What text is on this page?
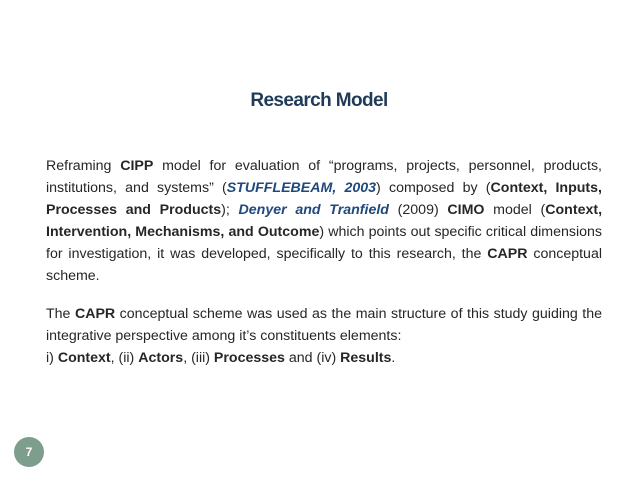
Research Model

Reframing CIPP model for evaluation of “programs, projects, personnel, products, institutions, and systems” (STUFFLEBEAM, 2003) composed by (Context, Inputs, Processes and Products); Denyer and Tranfield (2009) CIMO model (Context, Intervention, Mechanisms, and Outcome) which points out specific critical dimensions for investigation, it was developed, specifically to this research, the CAPR conceptual scheme.

The CAPR conceptual scheme was used as the main structure of this study guiding the integrative perspective among it’s constituents elements:

i) Context, (ii) Actors, (iii) Processes and (iv) Results.
7
